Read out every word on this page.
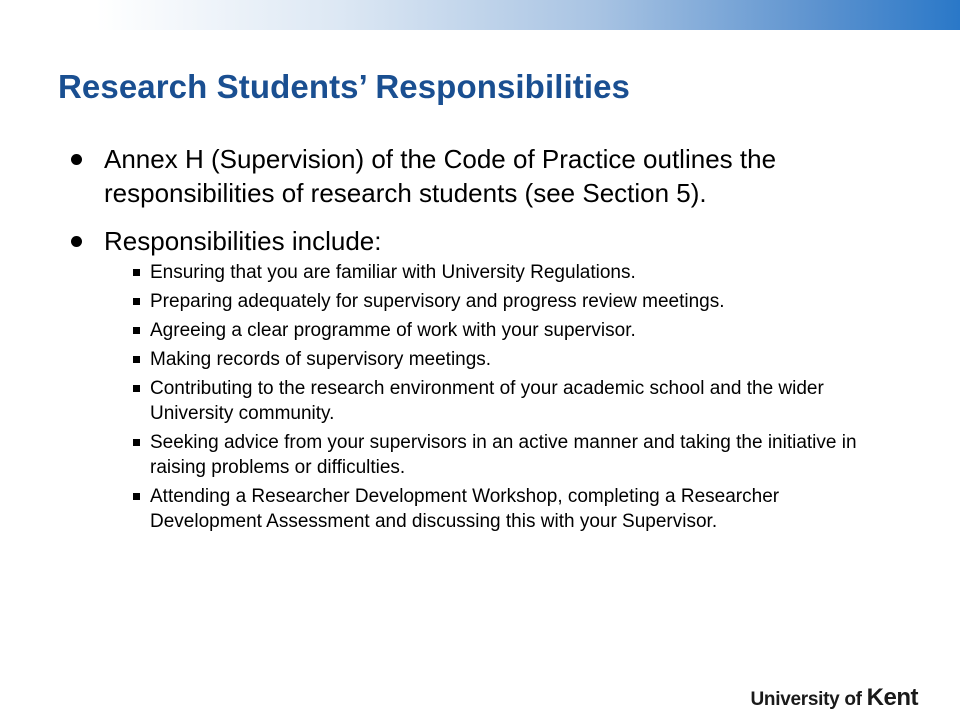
Research Students’ Responsibilities
Annex H (Supervision) of the Code of Practice outlines the responsibilities of research students (see Section 5).
Responsibilities include:
Ensuring that you are familiar with University Regulations.
Preparing adequately for supervisory and progress review meetings.
Agreeing a clear programme of work with your supervisor.
Making records of supervisory meetings.
Contributing to the research environment of your academic school and the wider University community.
Seeking advice from your supervisors in an active manner and taking the initiative in raising problems or difficulties.
Attending a Researcher Development Workshop, completing a Researcher Development Assessment and discussing this with your Supervisor.
University of Kent
